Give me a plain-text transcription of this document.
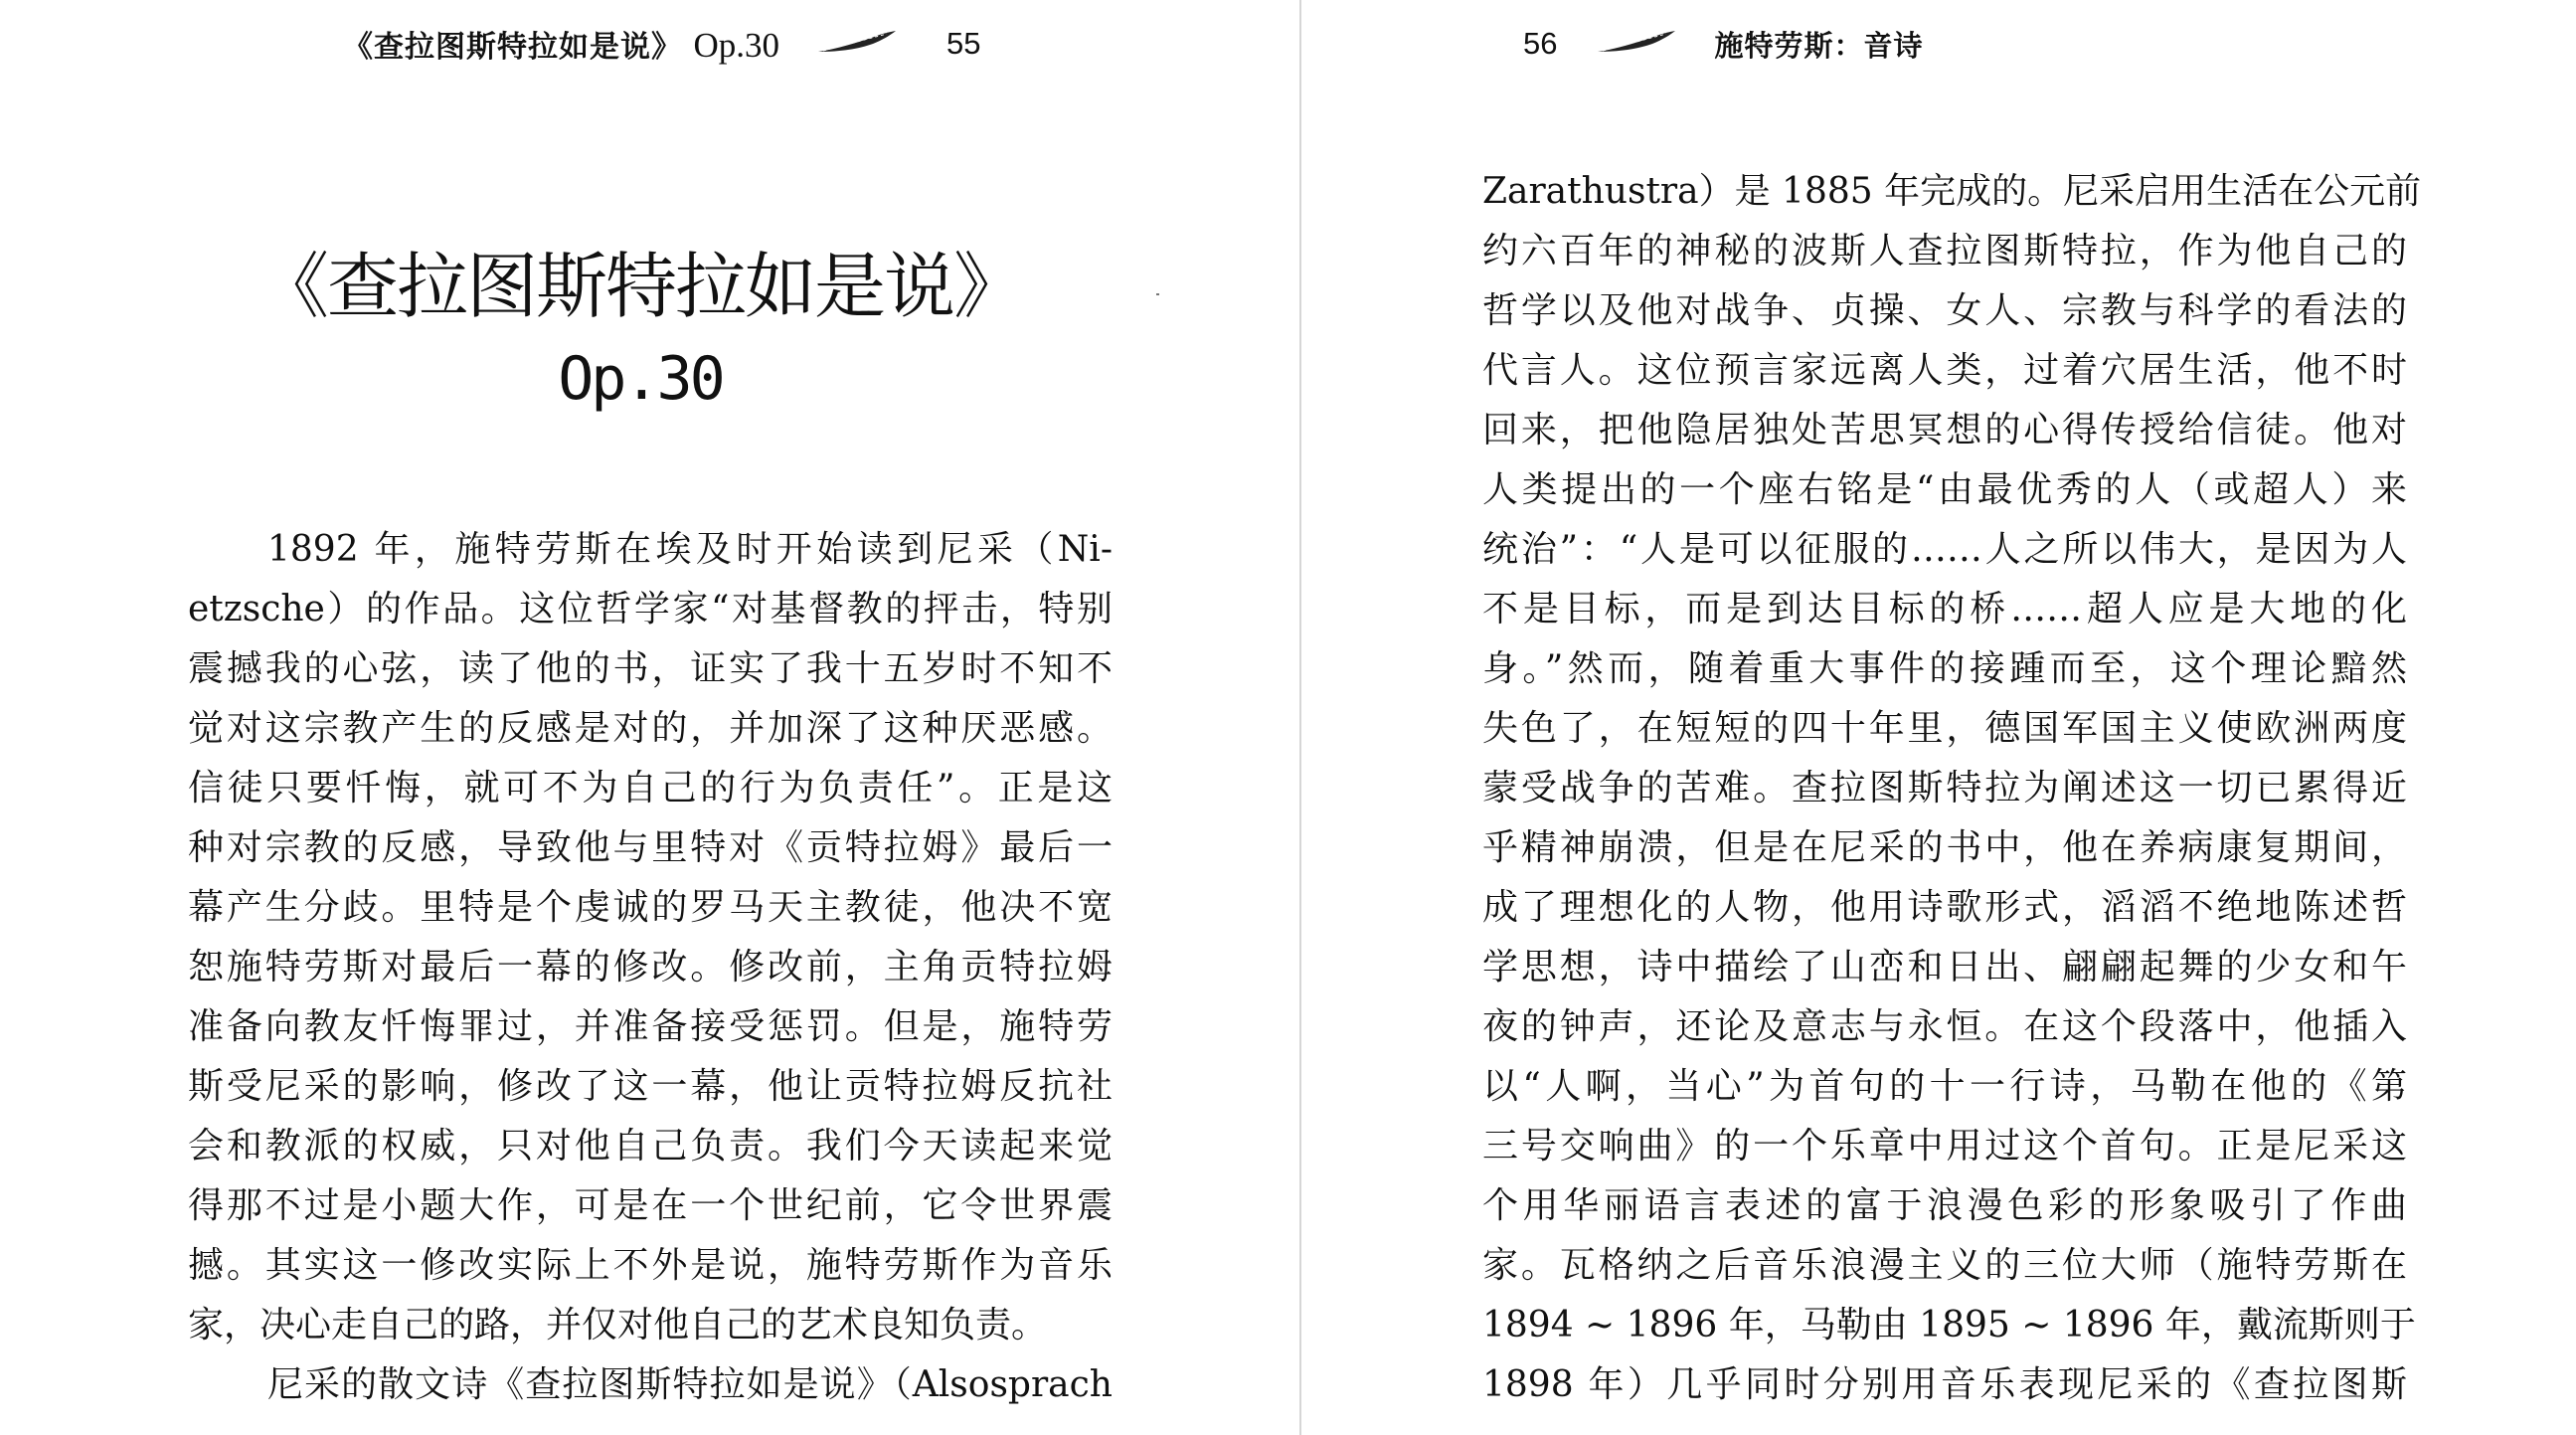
《查拉图斯特拉如是说》 Op.30	55
《查拉图斯特拉如是说》
Op.30
1892 年，施特劳斯在埃及时开始读到尼采（Ni-
etzsche）的作品。这位哲学家“对基督教的抨击，特别
震撼我的心弦，读了他的书，证实了我十五岁时不知不
觉对这宗教产生的反感是对的，并加深了这种厌恶感。
信徒只要忏悔，就可不为自己的行为负责任”。正是这
种对宗教的反感，导致他与里特对《贡特拉姆》最后一
幕产生分歧。里特是个虔诚的罗马天主教徒，他决不宽
恕施特劳斯对最后一幕的修改。修改前，主角贡特拉姆
准备向教友忏悔罪过，并准备接受惩罚。但是，施特劳
斯受尼采的影响，修改了这一幕，他让贡特拉姆反抗社
会和教派的权威，只对他自己负责。我们今天读起来觉
得那不过是小题大作，可是在一个世纪前，它令世界震
撼。其实这一修改实际上不外是说，施特劳斯作为音乐
家，决心走自己的路，并仅对他自己的艺术良知负责。
尼采的散文诗《查拉图斯特拉如是说》（Alsosprach
56	施特劳斯：音诗
Zarathustra）是 1885 年完成的。尼采启用生活在公元前
约六百年的神秘的波斯人查拉图斯特拉，作为他自己的
哲学以及他对战争、贞操、女人、宗教与科学的看法的
代言人。这位预言家远离人类，过着穴居生活，他不时
回来，把他隐居独处苦思冥想的心得传授给信徒。他对
人类提出的一个座右铭是“由最优秀的人（或超人）来
统治”：“人是可以征服的……人之所以伟大，是因为人
不是目标，而是到达目标的桥……超人应是大地的化
身。”然而，随着重大事件的接踵而至，这个理论黯然
失色了，在短短的四十年里，德国军国主义使欧洲两度
蒙受战争的苦难。查拉图斯特拉为阐述这一切已累得近
乎精神崩溃，但是在尼采的书中，他在养病康复期间，
成了理想化的人物，他用诗歌形式，滔滔不绝地陈述哲
学思想，诗中描绘了山峦和日出、翩翩起舞的少女和午
夜的钟声，还论及意志与永恒。在这个段落中，他插入
以“人啊，当心”为首句的十一行诗，马勒在他的《第
三号交响曲》的一个乐章中用过这个首句。正是尼采这
个用华丽语言表述的富于浪漫色彩的形象吸引了作曲
家。瓦格纳之后音乐浪漫主义的三位大师（施特劳斯在
1894 ~ 1896 年，马勒由 1895 ~ 1896 年，戴流斯则于
1898 年）几乎同时分别用音乐表现尼采的《查拉图斯
